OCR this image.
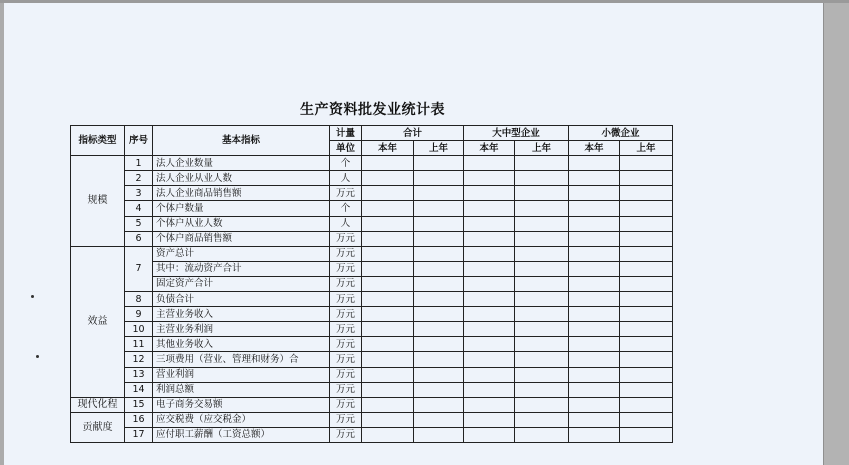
生产资料批发业统计表
指标类型	序号	基本指标	计量	合计		大中型企业		小微企业	
			单位	本年	上年	本年	上年	本年	上年
规模	1	法人企业数量	个						
	2	法人企业从业人数	人						
	3	法人企业商品销售额	万元						
	4	个体户数量	个						
	5	个体户从业人数	人						
	6	个体户商品销售额	万元						
效益	7	资产总计	万元						
		其中：流动资产合计	万元						
		固定资产合计	万元						
	8	负债合计	万元						
	9	主营业务收入	万元						
	10	主营业务利润	万元						
	11	其他业务收入	万元						
	12	三项费用（营业、管理和财务）合	万元						
	13	营业利润	万元						
	14	利润总额	万元						
现代化程	15	电子商务交易额	万元						
贡献度	16	应交税费（应交税金）	万元						
	17	应付职工薪酬（工资总额）	万元						
